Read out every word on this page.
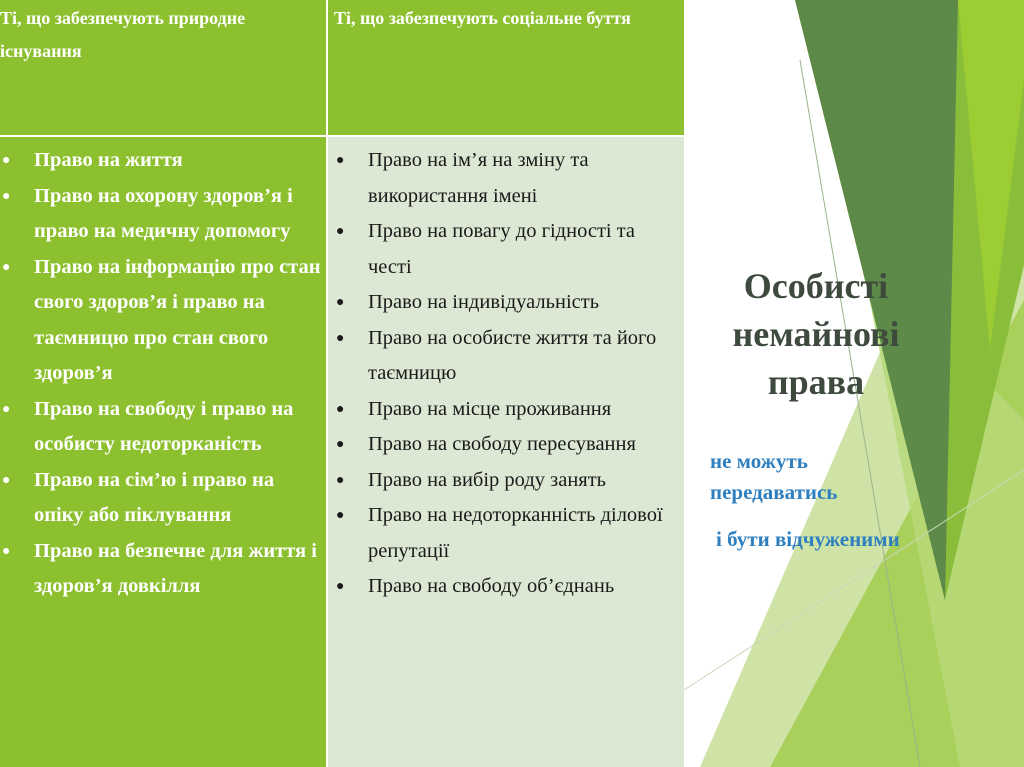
Ті, що забезпечують природне існування
Ті, що забезпечують соціальне буття
● Право на життя
● Право на охорону здоров’я і право на медичну допомогу
● Право на інформацію про стан свого здоров’я і право на таємницю про стан свого здоров’я
● Право на свободу і право на особисту недоторканість
● Право на сім’ю і право на опіку або піклування
● Право на безпечне для життя і здоров’я довкілля
● Право на ім’я на зміну та використання імені
● Право на повагу до гідності та честі
● Право на індивідуальність
● Право на особисте життя та його таємницю
● Право на місце проживання
● Право на свободу пересування
● Право на вибір роду занять
● Право на недоторканність ділової репутації
● Право на свободу об’єднань
Особисті
немайнові
права
не можуть
передаватись
і бути відчуженими
